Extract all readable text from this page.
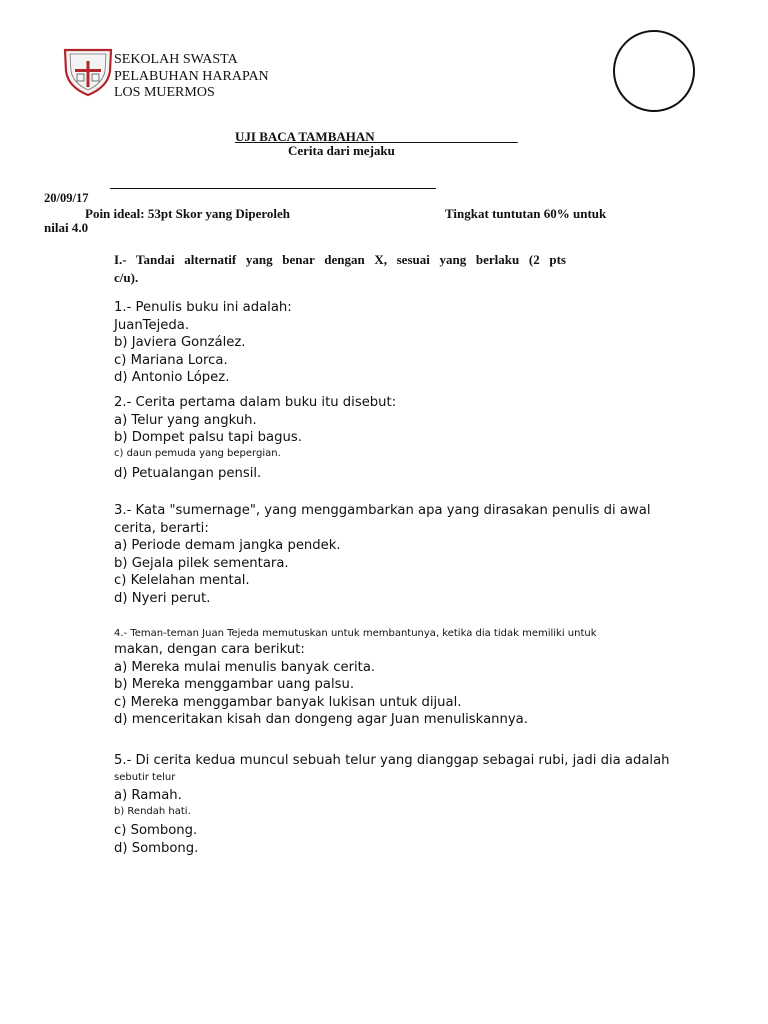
SEKOLAH SWASTA
PELABUHAN HARAPAN
LOS MUERMOS
UJI BACA TAMBAHAN______________________
Cerita dari mejaku
20/09/17
Poin ideal: 53pt Skor yang Diperoleh	Tingkat tuntutan 60% untuk
nilai 4.0
I.- Tandai alternatif yang benar dengan X, sesuai yang berlaku (2 pts
c/u).
1.- Penulis buku ini adalah:
JuanTejeda.
b) Javiera González.
c) Mariana Lorca.
d) Antonio López.
2.- Cerita pertama dalam buku itu disebut:
a) Telur yang angkuh.
b) Dompet palsu tapi bagus.
c) daun pemuda yang bepergian.
d) Petualangan pensil.
3.- Kata "sumernage", yang menggambarkan apa yang dirasakan penulis di awal
cerita, berarti:
a) Periode demam jangka pendek.
b) Gejala pilek sementara.
c) Kelelahan mental.
d) Nyeri perut.
4.- Teman-teman Juan Tejeda memutuskan untuk membantunya, ketika dia tidak memiliki untuk
makan, dengan cara berikut:
a) Mereka mulai menulis banyak cerita.
b) Mereka menggambar uang palsu.
c) Mereka menggambar banyak lukisan untuk dijual.
d) menceritakan kisah dan dongeng agar Juan menuliskannya.
5.- Di cerita kedua muncul sebuah telur yang dianggap sebagai rubi, jadi dia adalah
sebutir telur
a) Ramah.
b) Rendah hati.
c) Sombong.
d) Sombong.
